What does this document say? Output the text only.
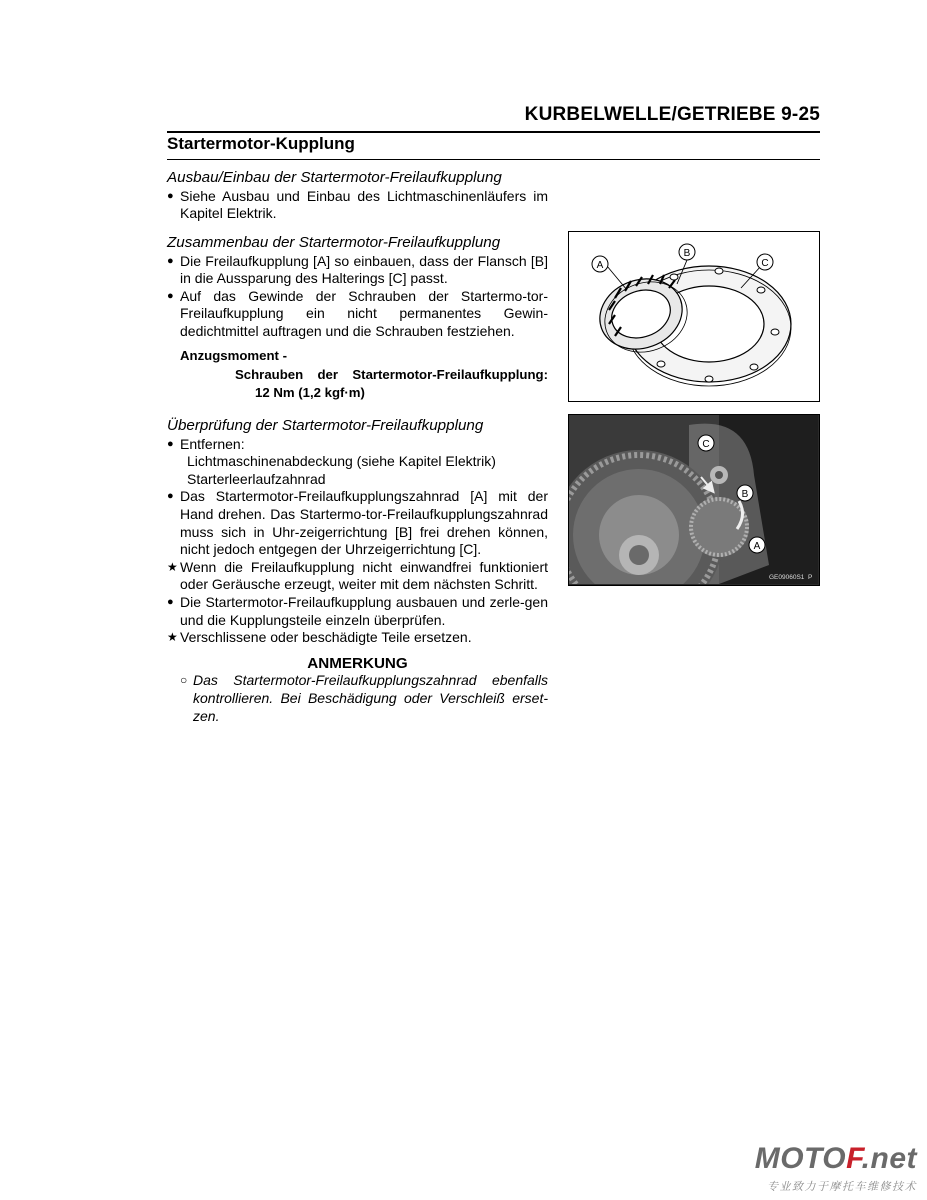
KURBELWELLE/GETRIEBE 9-25
Startermotor-Kupplung
Ausbau/Einbau der Startermotor-Freilaufkupplung
● Siehe Ausbau und Einbau des Lichtmaschinenläufers im Kapitel Elektrik.
Zusammenbau der Startermotor-Freilaufkupplung
● Die Freilaufkupplung [A] so einbauen, dass der Flansch [B] in die Aussparung des Halterings [C] passt.
● Auf das Gewinde der Schrauben der Startermo-tor-Freilaufkupplung ein nicht permanentes Gewin-dedichtmittel auftragen und die Schrauben festziehen.
Anzugsmoment -
Schrauben der Startermotor-Freilaufkupplung:
12 Nm (1,2 kgf·m)
Überprüfung der Startermotor-Freilaufkupplung
● Entfernen:
Lichtmaschinenabdeckung (siehe Kapitel Elektrik)
Starterleerlaufzahnrad
● Das Startermotor-Freilaufkupplungszahnrad [A] mit der Hand drehen. Das Startermo-tor-Freilaufkupplungszahnrad muss sich in Uhr-zeigerrichtung [B] frei drehen können, nicht jedoch entgegen der Uhrzeigerrichtung [C].
★ Wenn die Freilaufkupplung nicht einwandfrei funktioniert oder Geräusche erzeugt, weiter mit dem nächsten Schritt.
● Die Startermotor-Freilaufkupplung ausbauen und zerle-gen und die Kupplungsteile einzeln überprüfen.
★ Verschlissene oder beschädigte Teile ersetzen.
ANMERKUNG
○ Das Startermotor-Freilaufkupplungszahnrad ebenfalls kontrollieren. Bei Beschädigung oder Verschleiß erset-zen.
A
B
C
C
B
A
GE09060S1 P
MOTOF.net
专业致力于摩托车维修技术
